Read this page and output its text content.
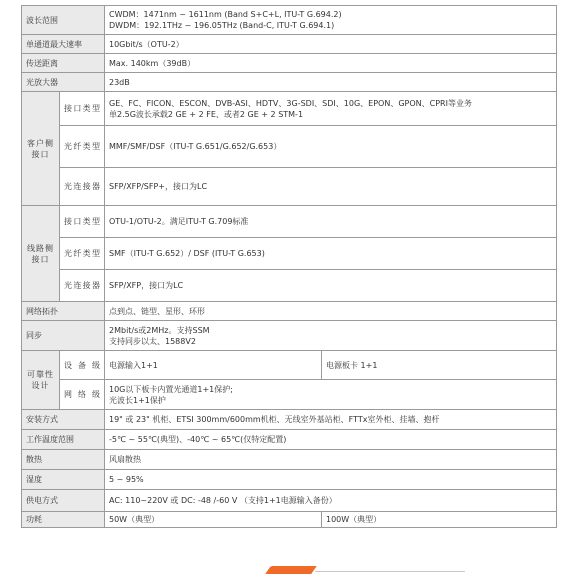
波长范围		CWDM：1471nm ~ 1611nm (Band S+C+L, ITU-T G.694.2)
DWDM：192.1THz ~ 196.05THz (Band-C, ITU-T G.694.1)	

单通道最大速率		10Gbit/s（OTU-2）	
传送距离		Max. 140km（39dB）	
光放大器		23dB	
客户侧接口	接口类型	GE、FC、FICON、ESCON、DVB-ASI、HDTV、3G-SDI、SDI、10G、EPON、GPON、CPRI等业务
单2.5G波长承载2 GE + 2 FE、或者2 GE + 2 STM-1	

	光纤类型	MMF/SMF/DSF（ITU-T G.651/G.652/G.653）	
	光连接器	SFP/XFP/SFP+，接口为LC	
线路侧接口	接口类型	OTU-1/OTU-2。满足ITU-T G.709标准	
	光纤类型	SMF（ITU-T G.652）/ DSF (ITU-T G.653)	
	光连接器	SFP/XFP，接口为LC	
网络拓扑		点到点、链型、星形、环形	
同步		2Mbit/s或2MHz。支持SSM
支持同步以太、1588V2	

可靠性设计	设备级	电源输入1+1	电源板卡 1+1
	网络级	10G以下板卡内置光通道1+1保护;
光波长1+1保护	

安装方式		19" 或 23" 机柜、ETSI 300mm/600mm机柜、无线室外基站柜、FTTx室外柜、挂墙、抱杆	
工作温度范围		-5℃ ~ 55℃(典型)、-40℃ ~ 65℃(仅特定配置)	
散热		风扇散热	
湿度		5 ~ 95%	
供电方式		AC: 110~220V 或 DC: -48 /-60 V （支持1+1电源输入备份）	
功耗		50W（典型）	100W（典型）
